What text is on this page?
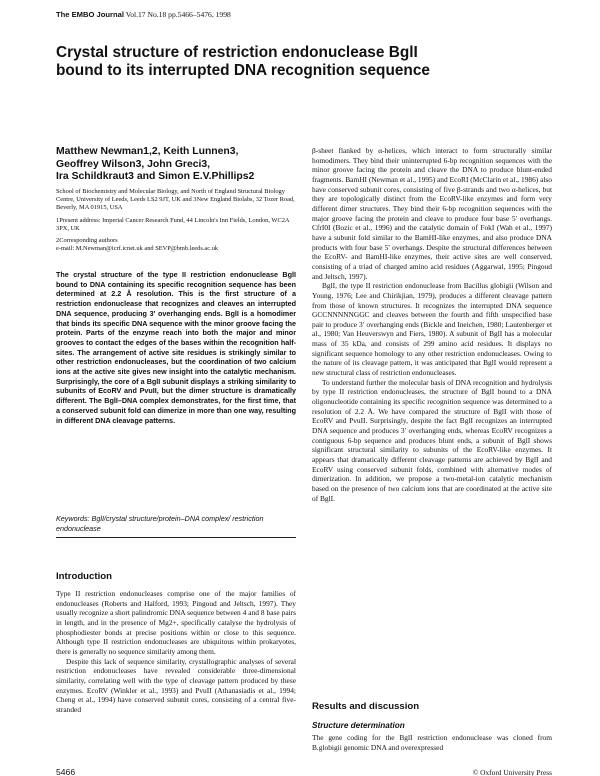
The EMBO Journal Vol.17 No.18 pp.5466–5476, 1998
Crystal structure of restriction endonuclease BglI
bound to its interrupted DNA recognition sequence
Matthew Newman1,2, Keith Lunnen3,
Geoffrey Wilson3, John Greci3,
Ira Schildkraut3 and Simon E.V.Phillips2

School of Biochemistry and Molecular Biology, and North of England Structural Biology Centre, University of Leeds, Leeds LS2 9JT, UK and 3New England Biolabs, 32 Tozer Road, Beverly, MA 01915, USA

1Present address: Imperial Cancer Research Fund, 44 Lincoln's Inn Fields, London, WC2A 3PX, UK

2Corresponding authors

e-mail: M.Newman@icrf.icnet.uk and SEVP@bmb.leeds.ac.uk

The crystal structure of the type II restriction endonuclease BglI bound to DNA containing its specific recognition sequence has been determined at 2.2 Å resolution. This is the first structure of a restriction endonuclease that recognizes and cleaves an interrupted DNA sequence, producing 3′ overhanging ends. BglI is a homodimer that binds its specific DNA sequence with the minor groove facing the protein. Parts of the enzyme reach into both the major and minor grooves to contact the edges of the bases within the recognition half-sites. The arrangement of active site residues is strikingly similar to other restriction endonucleases, but the coordination of two calcium ions at the active site gives new insight into the catalytic mechanism. Surprisingly, the core of a BglI subunit displays a striking similarity to subunits of EcoRV and PvuII, but the dimer structure is dramatically different. The BglI–DNA complex demonstrates, for the first time, that a conserved subunit fold can dimerize in more than one way, resulting in different DNA cleavage patterns.
Keywords: BglI/crystal structure/protein–DNA complex/ restriction endonuclease
Introduction

Type II restriction endonucleases comprise one of the major families of endonucleases (Roberts and Halford, 1993; Pingoud and Jeltsch, 1997). They usually recognize a short palindromic DNA sequence between 4 and 8 base pairs in length, and in the presence of Mg2+, specifically catalyse the hydrolysis of phosphodiester bonds at precise positions within or close to this sequence. Although type II restriction endonucleases are ubiquitous within prokaryotes, there is generally no sequence similarity among them.

Despite this lack of sequence similarity, crystallographic analyses of several restriction endonucleases have revealed considerable three-dimensional similarity, correlating well with the type of cleavage pattern produced by these enzymes. EcoRV (Winkler et al., 1993) and PvuII (Athanasiadis et al., 1994; Cheng et al., 1994) have conserved subunit cores, consisting of a central five-stranded

β-sheet flanked by α-helices, which interact to form structurally similar homodimers. They bind their uninterrupted 6-bp recognition sequences with the minor groove facing the protein and cleave the DNA to produce blunt-ended fragments. BamHI (Newman et al., 1995) and EcoRI (McClarin et al., 1986) also have conserved subunit cores, consisting of five β-strands and two α-helices, but they are topologically distinct from the EcoRV-like enzymes and form very different dimer structures. They bind their 6-bp recognition sequences with the major groove facing the protein and cleave to produce four base 5′ overhangs. CfrI0I (Bozic et al., 1996) and the catalytic domain of FokI (Wah et al., 1997) have a subunit fold similar to the BamHI-like enzymes, and also produce DNA products with four base 5′ overhangs. Despite the structural differences between the EcoRV- and BamHI-like enzymes, their active sites are well conserved, consisting of a triad of charged amino acid residues (Aggarwal, 1995; Pingoud and Jeltsch, 1997).

BglI, the type II restriction endonuclease from Bacillus globigii (Wilson and Young, 1976; Lee and Chirikjian, 1979), produces a different cleavage pattern from those of known structures. It recognizes the interrupted DNA sequence GCCNNNNNGGC and cleaves between the fourth and fifth unspecified base pair to produce 3′ overhanging ends (Bickle and Ineichen, 1980; Lautenberger et al., 1980; Van Heuverswyn and Fiers, 1980). A subunit of BglI has a molecular mass of 35 kDa, and consists of 299 amino acid residues. It displays no significant sequence homology to any other restriction endonucleases. Owing to the nature of its cleavage pattern, it was anticipated that BglI would represent a new structural class of restriction endonucleases.

To understand further the molecular basis of DNA recognition and hydrolysis by type II restriction endonucleases, the structure of BglI bound to a DNA oligonucleotide containing its specific recognition sequence was determined to a resolution of 2.2 Å. We have compared the structure of BglI with those of EcoRV and PvuII. Surprisingly, despite the fact BglI recognizes an interrupted DNA sequence and produces 3′ overhanging ends, whereas EcoRV recognizes a contiguous 6-bp sequence and produces blunt ends, a subunit of BglI shows significant structural similarity to subunits of the EcoRV-like enzymes. It appears that dramatically different cleavage patterns are achieved by BglI and EcoRV using conserved subunit folds, combined with alternative modes of dimerization. In addition, we propose a two-metal-ion catalytic mechanism based on the presence of two calcium ions that are coordinated at the active site of BglI.

Results and discussion
Structure determination

The gene coding for the BglI restriction endonuclease was cloned from B.globigii genomic DNA and overexpressed

5466	© Oxford University Press
